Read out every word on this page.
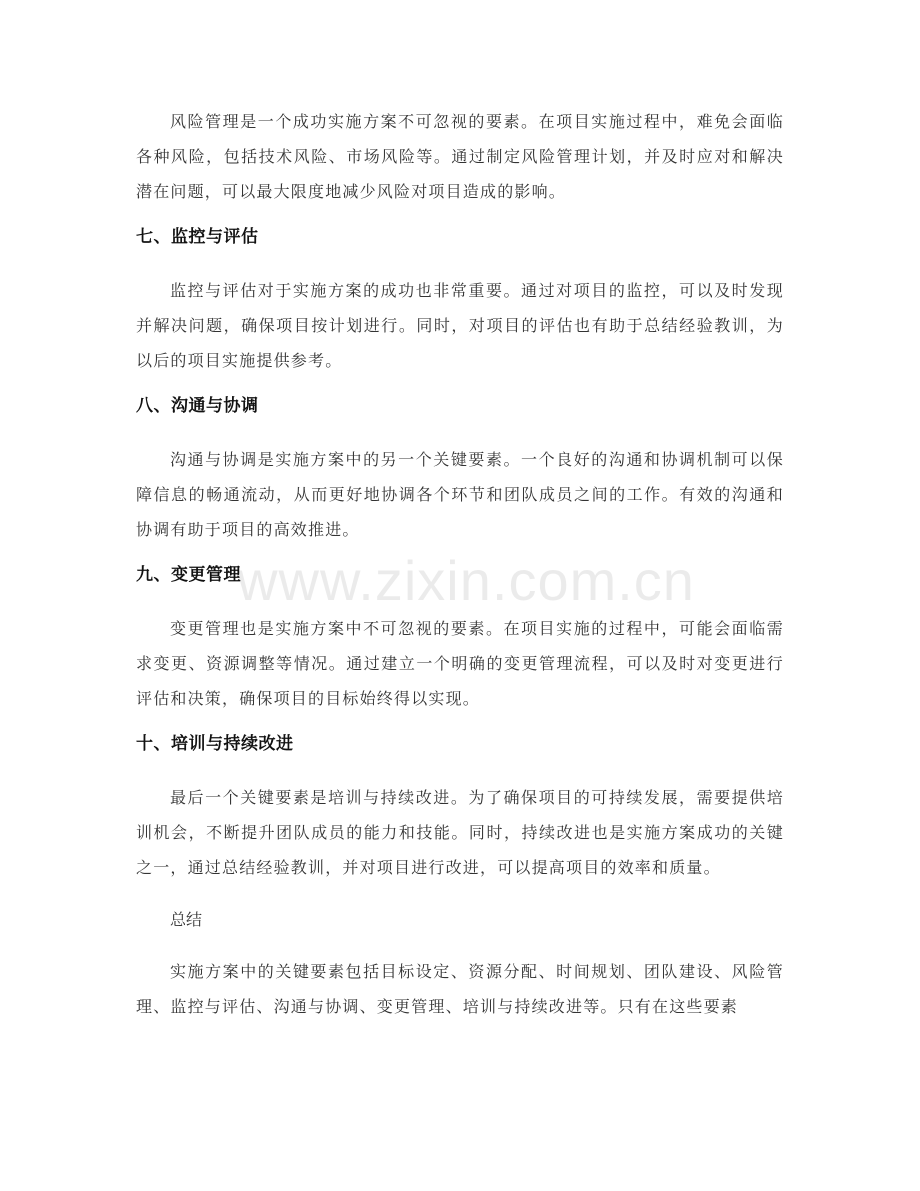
风险管理是一个成功实施方案不可忽视的要素。在项目实施过程中，难免会面临各种风险，包括技术风险、市场风险等。通过制定风险管理计划，并及时应对和解决潜在问题，可以最大限度地减少风险对项目造成的影响。

七、监控与评估

监控与评估对于实施方案的成功也非常重要。通过对项目的监控，可以及时发现并解决问题，确保项目按计划进行。同时，对项目的评估也有助于总结经验教训，为以后的项目实施提供参考。

八、沟通与协调

沟通与协调是实施方案中的另一个关键要素。一个良好的沟通和协调机制可以保障信息的畅通流动，从而更好地协调各个环节和团队成员之间的工作。有效的沟通和协调有助于项目的高效推进。

九、变更管理

变更管理也是实施方案中不可忽视的要素。在项目实施的过程中，可能会面临需求变更、资源调整等情况。通过建立一个明确的变更管理流程，可以及时对变更进行评估和决策，确保项目的目标始终得以实现。

十、培训与持续改进

最后一个关键要素是培训与持续改进。为了确保项目的可持续发展，需要提供培训机会，不断提升团队成员的能力和技能。同时，持续改进也是实施方案成功的关键之一，通过总结经验教训，并对项目进行改进，可以提高项目的效率和质量。

总结

实施方案中的关键要素包括目标设定、资源分配、时间规划、团队建设、风险管理、监控与评估、沟通与协调、变更管理、培训与持续改进等。只有在这些要素

www.zixin.com.cn
